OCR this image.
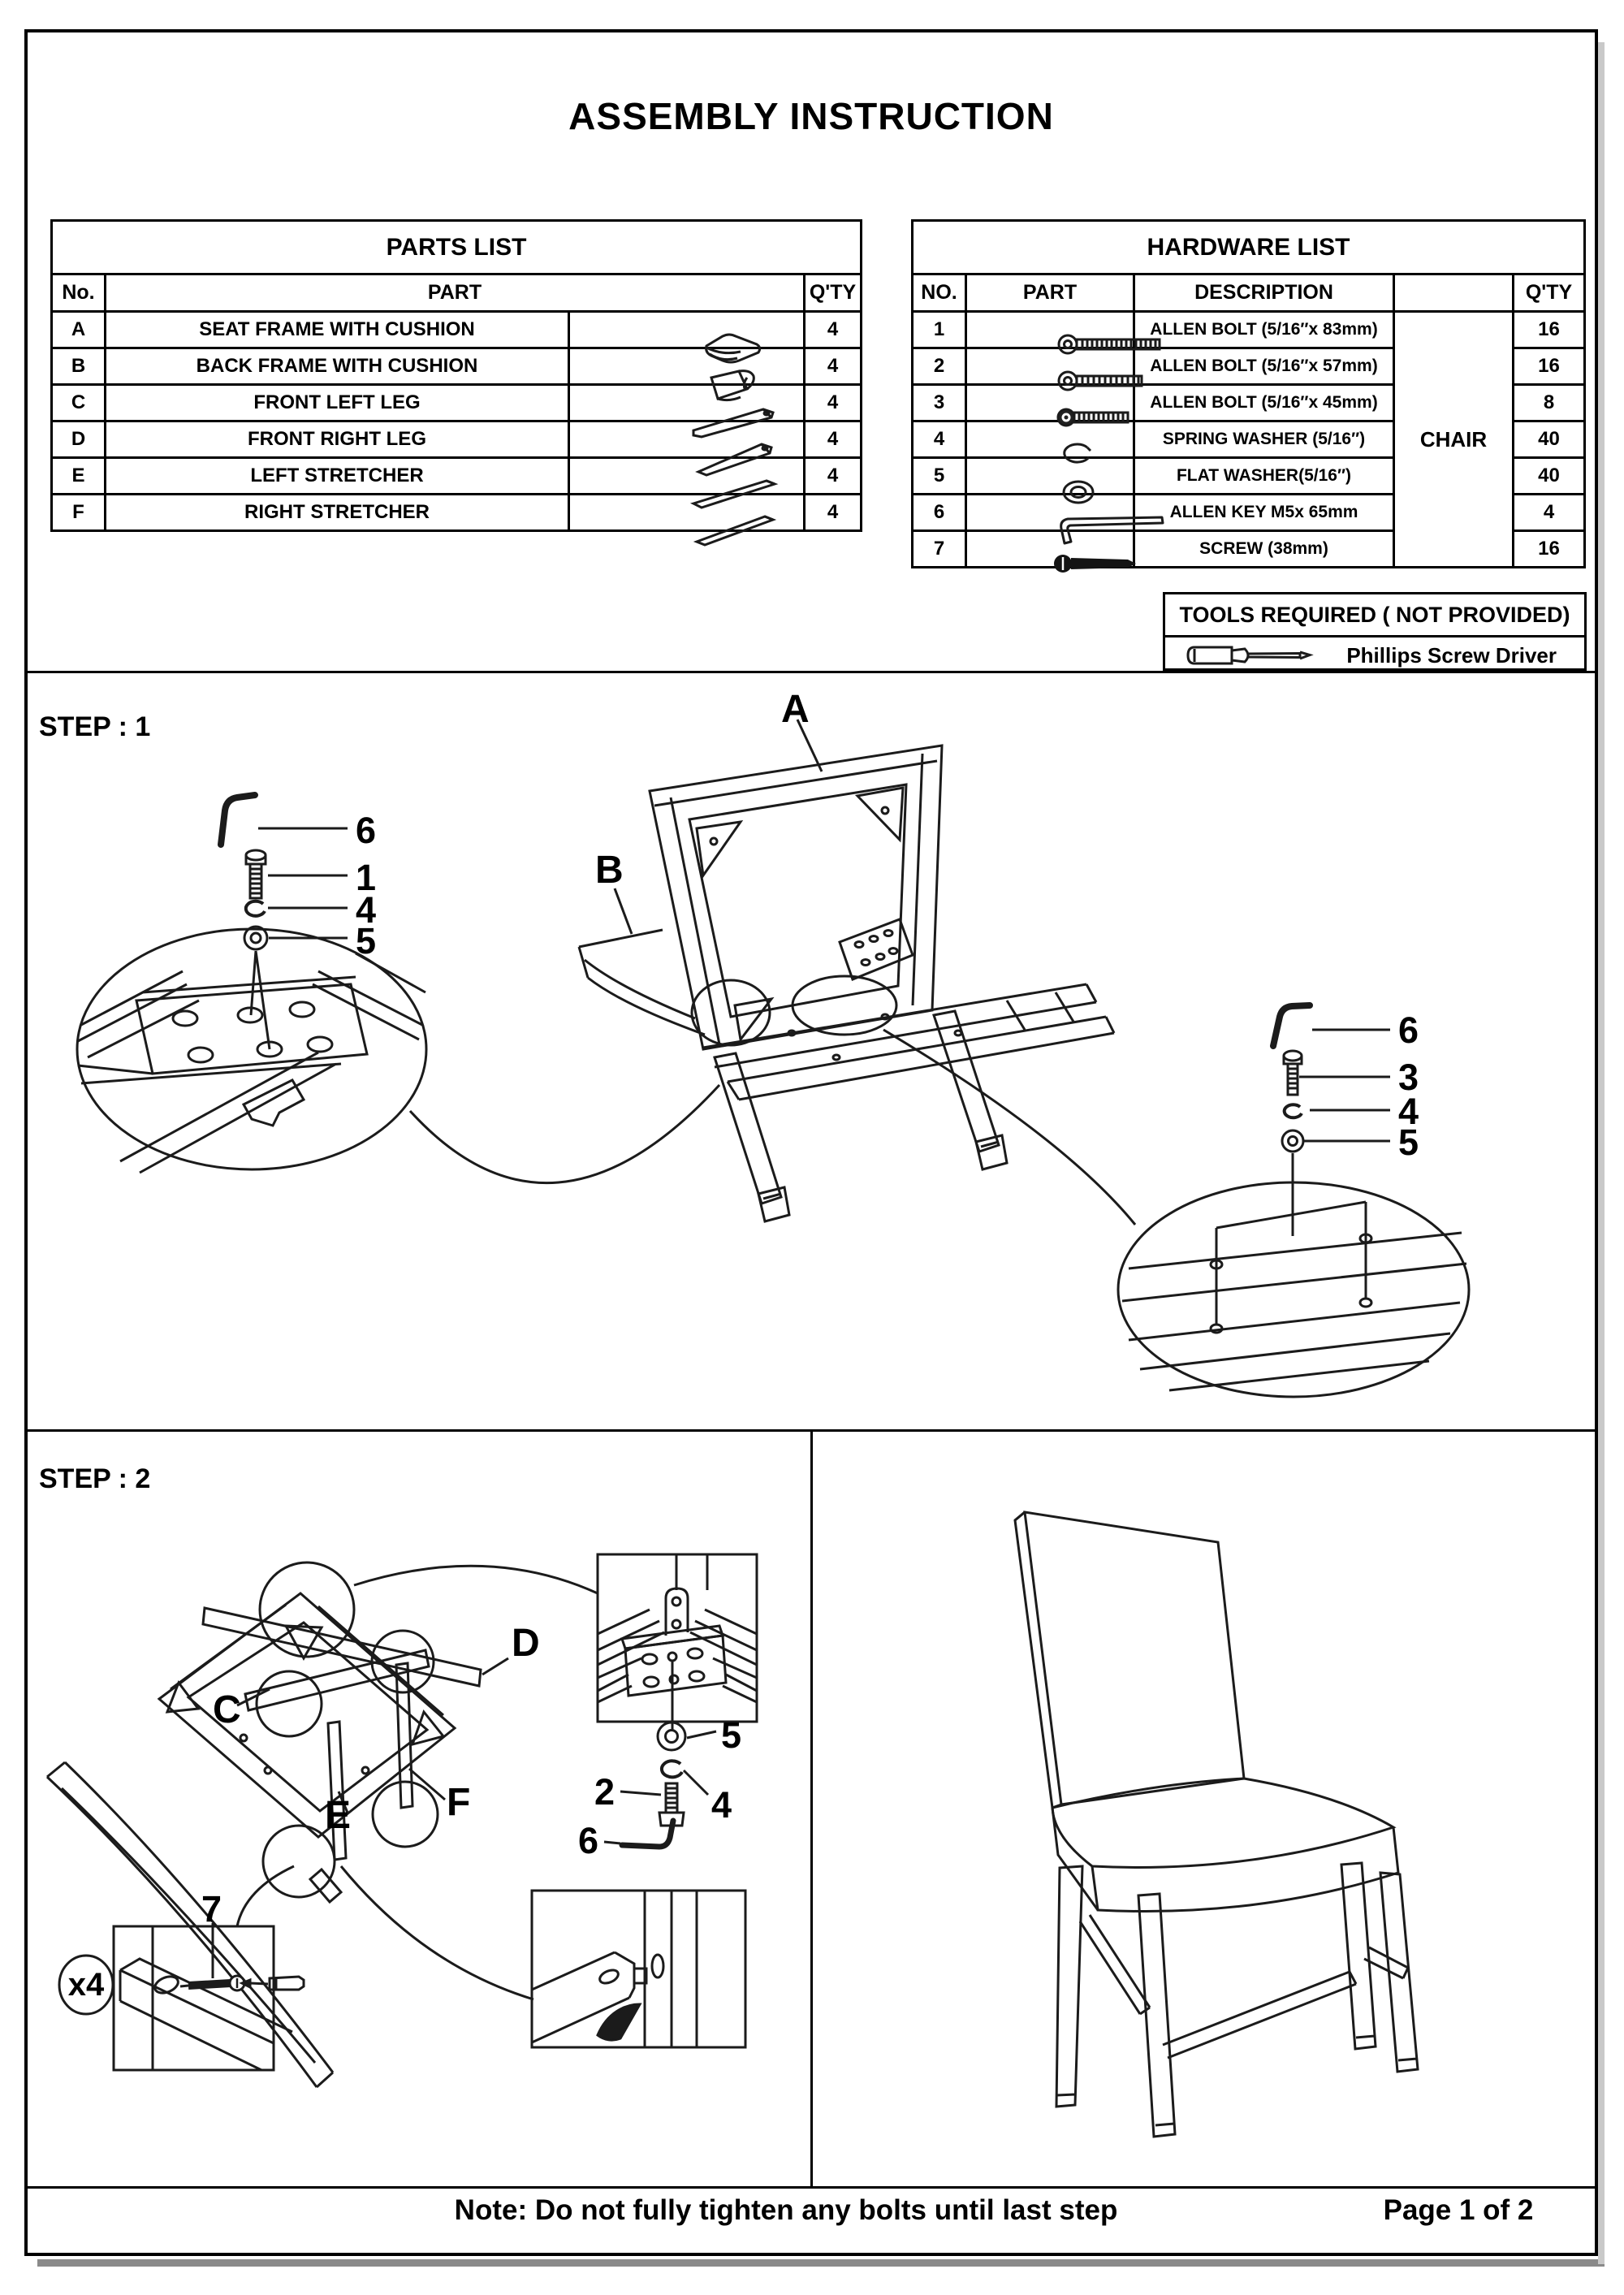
ASSEMBLY INSTRUCTION
PARTS LIST			
No.	PART		Q'TY
A	SEAT FRAME WITH CUSHION		4
B	BACK FRAME WITH CUSHION		4
C	FRONT LEFT LEG		4
D	FRONT RIGHT LEG		4
E	LEFT STRETCHER		4
F	RIGHT STRETCHER		4
HARDWARE LIST				
NO.	PART	DESCRIPTION		Q'TY
1		ALLEN BOLT (5/16″x 83mm)	CHAIR	16
2		ALLEN BOLT (5/16″x 57mm)		16
3		ALLEN BOLT (5/16″x 45mm)		8
4		SPRING WASHER (5/16″)		40
5		FLAT WASHER(5/16″)		40
6		ALLEN KEY M5x 65mm		4
7		SCREW (38mm)		16
TOOLS REQUIRED ( NOT PROVIDED)
Phillips Screw Driver
STEP : 1	A
B
6
1
4
5
6
3
4
5
STEP : 2
C
D
E F
7
5
4
2
6
x4
Note: Do not fully tighten any bolts until last step	Page 1 of 2
